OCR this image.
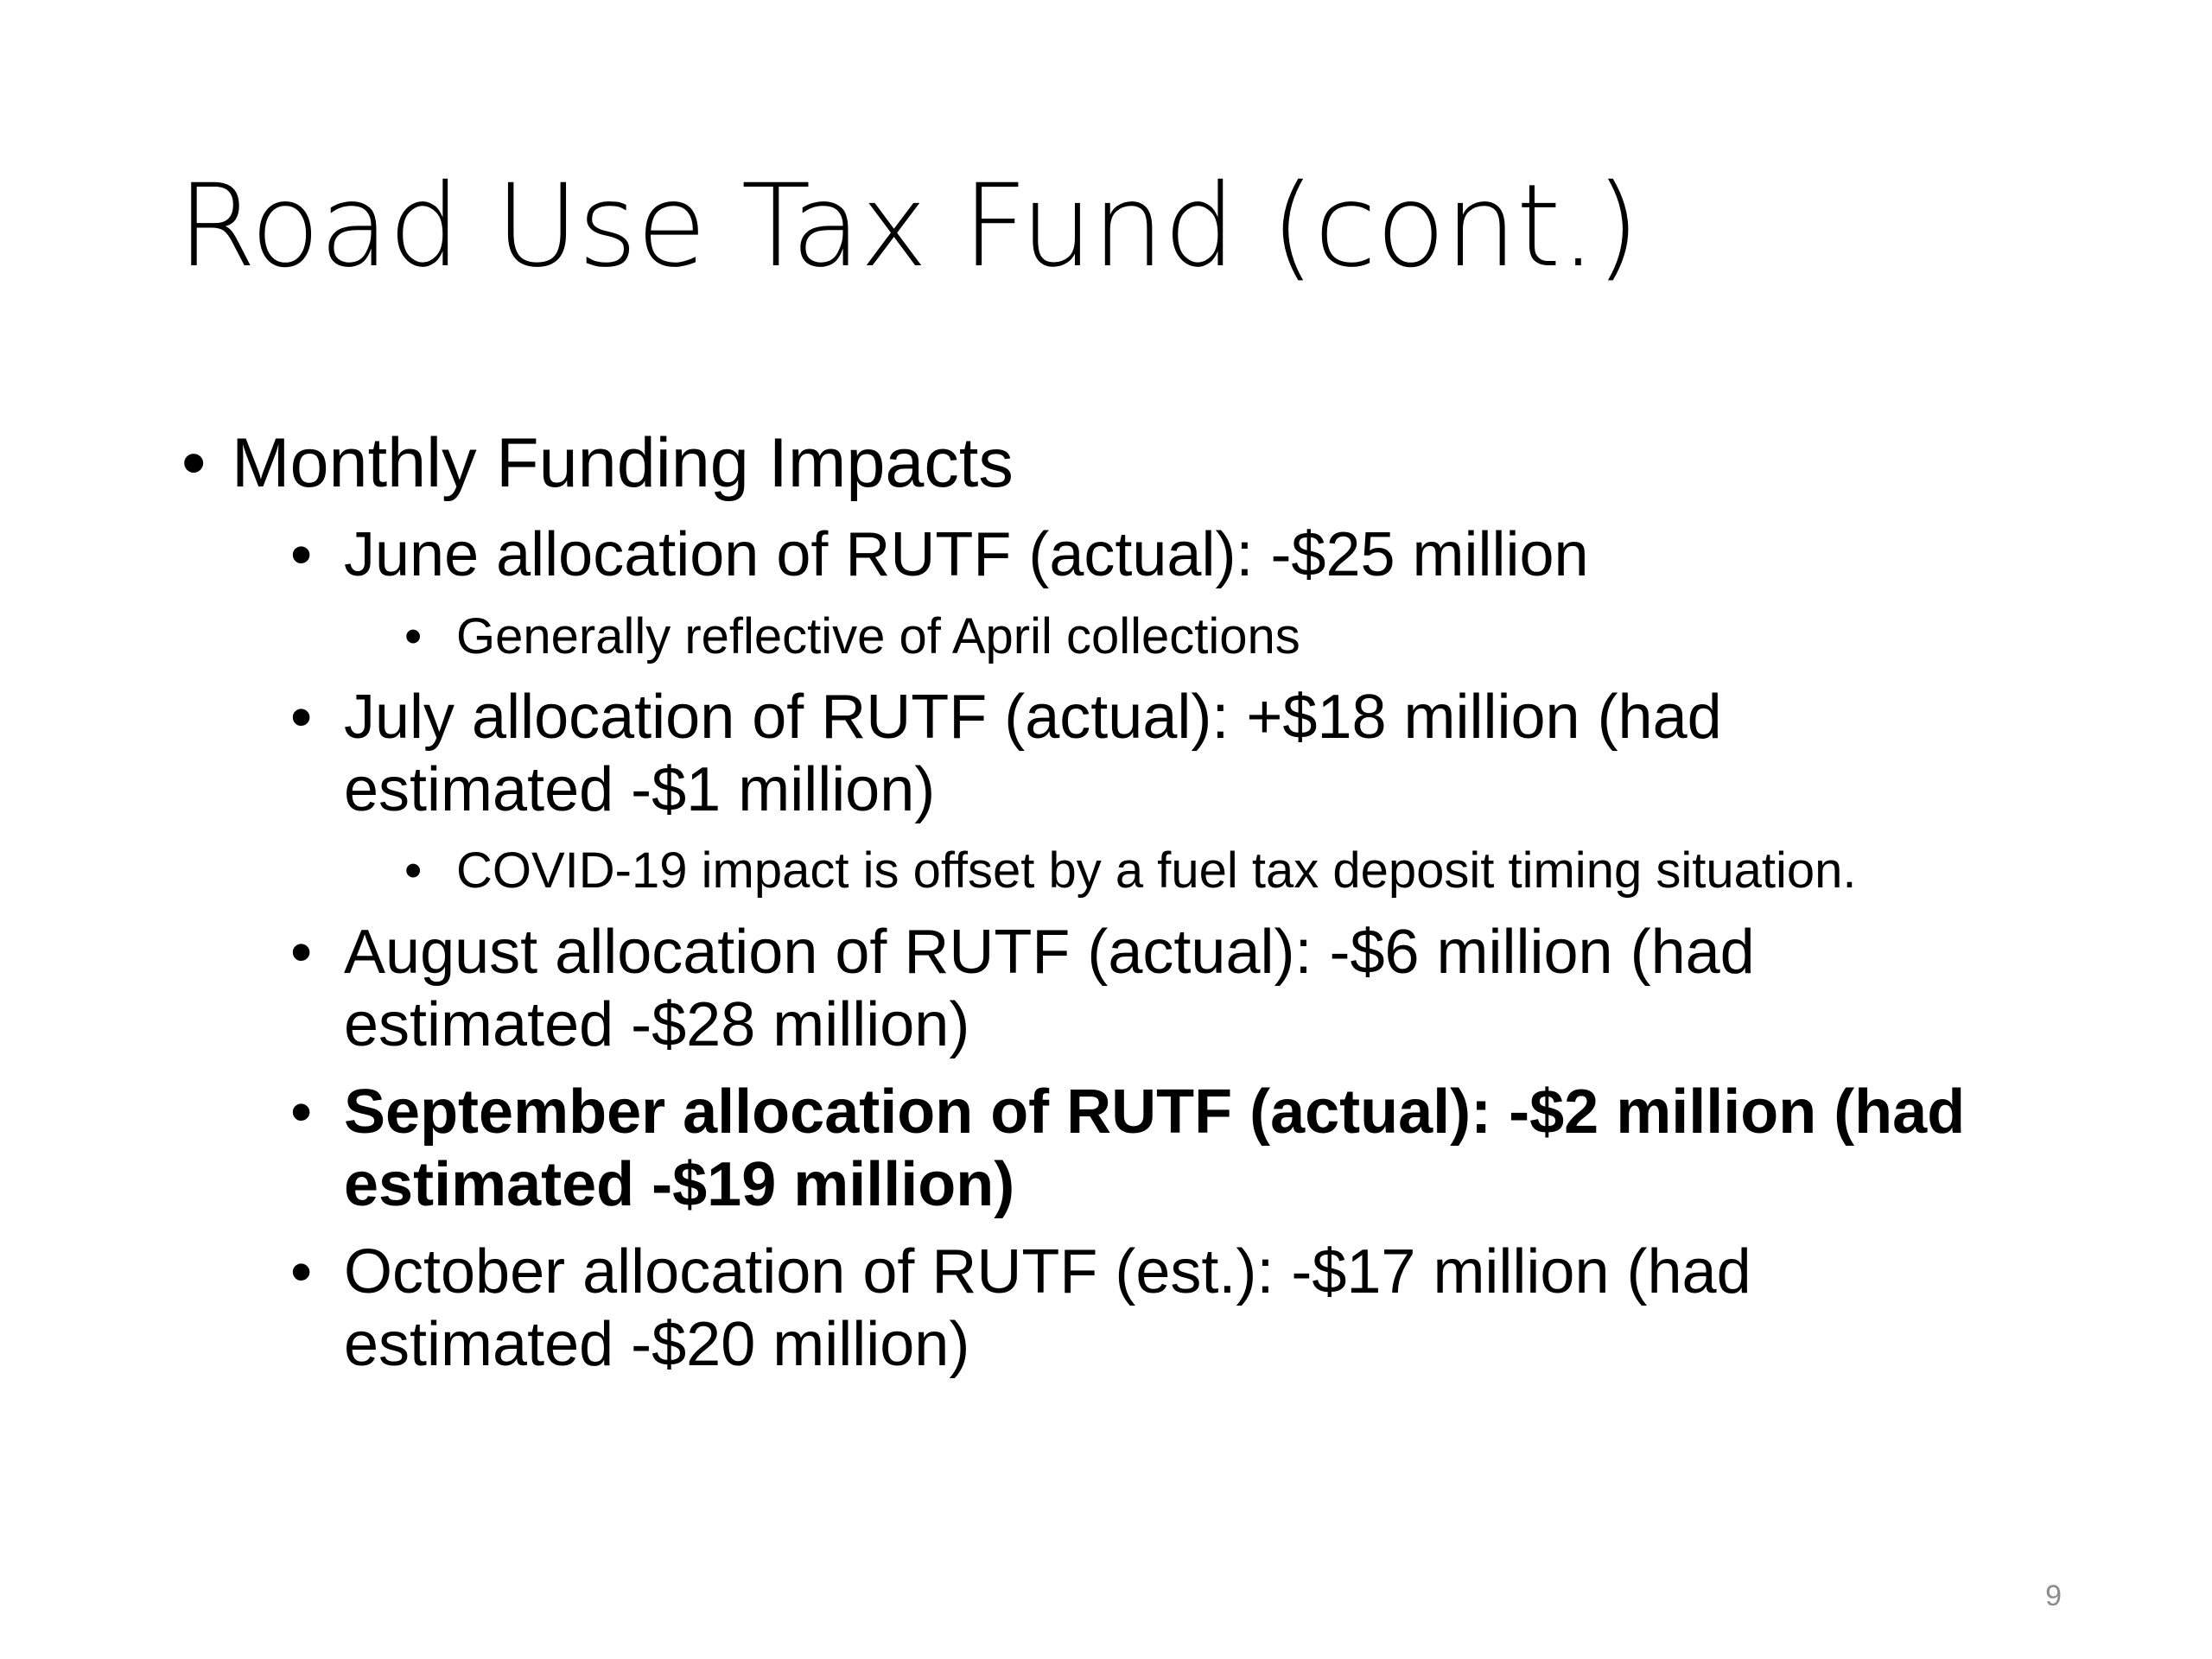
Road Use Tax Fund (cont.)
• Monthly Funding Impacts
• June allocation of RUTF (actual): -$25 million
• Generally reflective of April collections
• July allocation of RUTF (actual): +$18 million (had
estimated -$1 million)
• COVID-19 impact is offset by a fuel tax deposit timing situation.
• August allocation of RUTF (actual): -$6 million (had
estimated -$28 million)
• September allocation of RUTF (actual): -$2 million (had
estimated -$19 million)
• October allocation of RUTF (est.): -$17 million (had
estimated -$20 million)
9
